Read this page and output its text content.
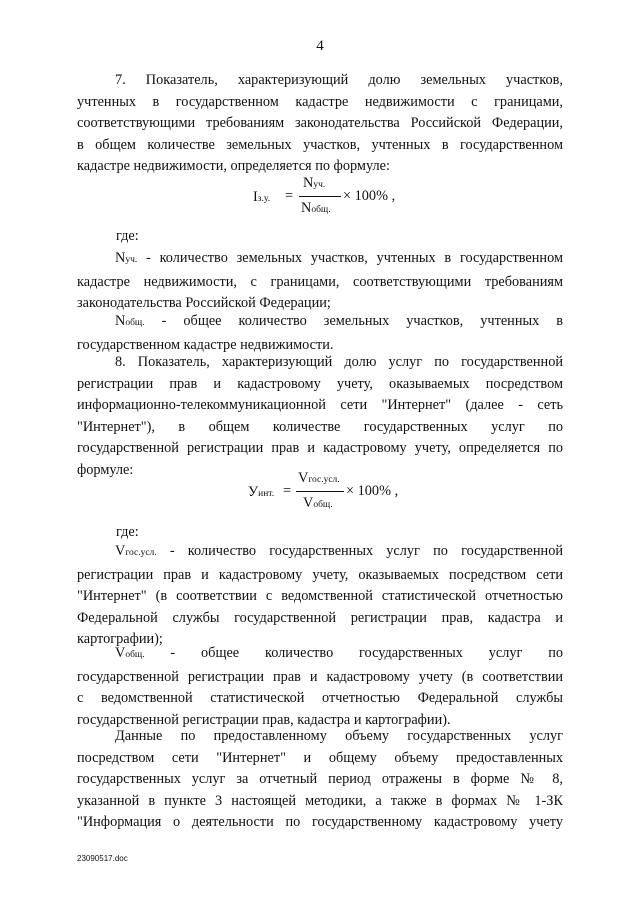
4
7. Показатель, характеризующий долю земельных участков,
учтенных в государственном кадастре недвижимости с границами,
соответствующими требованиям законодательства Российской Федерации,
в общем количестве земельных участков, учтенных в государственном
кадастре недвижимости, определяется по формуле:
Iз.у. =
Nуч.
Nобщ.
× 100% ,
где:
Nуч. - количество земельных участков, учтенных в государственном
кадастре недвижимости, с границами, соответствующими требованиям
законодательства Российской Федерации;
Nобщ. - общее количество земельных участков, учтенных в
государственном кадастре недвижимости.
8. Показатель, характеризующий долю услуг по государственной
регистрации прав и кадастровому учету, оказываемых посредством
информационно-телекоммуникационной сети "Интернет" (далее - сеть
"Интернет"), в общем количестве государственных услуг по
государственной регистрации прав и кадастровому учету, определяется по
формуле:
Уинт. =
Vгос.усл.
Vобщ.
× 100% ,
где:
Vгос.усл. - количество государственных услуг по государственной
регистрации прав и кадастровому учету, оказываемых посредством сети
"Интернет" (в соответствии с ведомственной статистической отчетностью
Федеральной службы государственной регистрации прав, кадастра и
картографии);
Vобщ. - общее количество государственных услуг по
государственной регистрации прав и кадастровому учету (в соответствии
с ведомственной статистической отчетностью Федеральной службы
государственной регистрации прав, кадастра и картографии).
Данные по предоставленному объему государственных услуг
посредством сети "Интернет" и общему объему предоставленных
государственных услуг за отчетный период отражены в форме № 8,
указанной в пункте 3 настоящей методики, а также в формах № 1-ЗК
"Информация о деятельности по государственному кадастровому учету
23090517.doc
